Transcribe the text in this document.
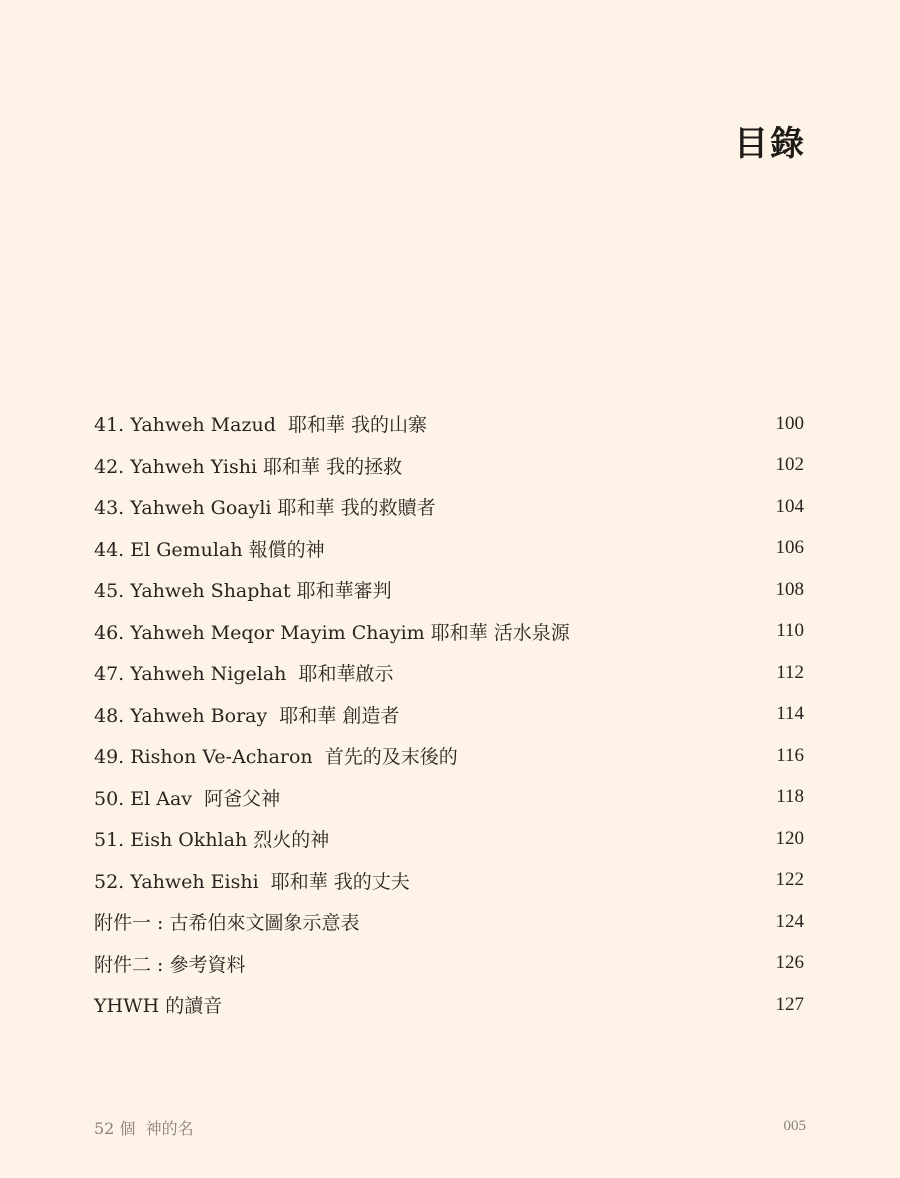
目錄
41. Yahweh Mazud  耶和華 我的山寨	100
42. Yahweh Yishi 耶和華 我的拯救	102
43. Yahweh Goayli 耶和華 我的救贖者	104
44. El Gemulah 報償的神	106
45. Yahweh Shaphat 耶和華審判	108
46. Yahweh Meqor Mayim Chayim 耶和華 活水泉源	110
47. Yahweh Nigelah  耶和華啟示	112
48. Yahweh Boray  耶和華 創造者	114
49. Rishon Ve-Acharon  首先的及末後的	116
50. El Aav  阿爸父神	118
51. Eish Okhlah 烈火的神	120
52. Yahweh Eishi  耶和華 我的丈夫	122
附件一 : 古希伯來文圖象示意表	124
附件二 : 參考資料	126
YHWH 的讀音	127
52 個  神的名	005
